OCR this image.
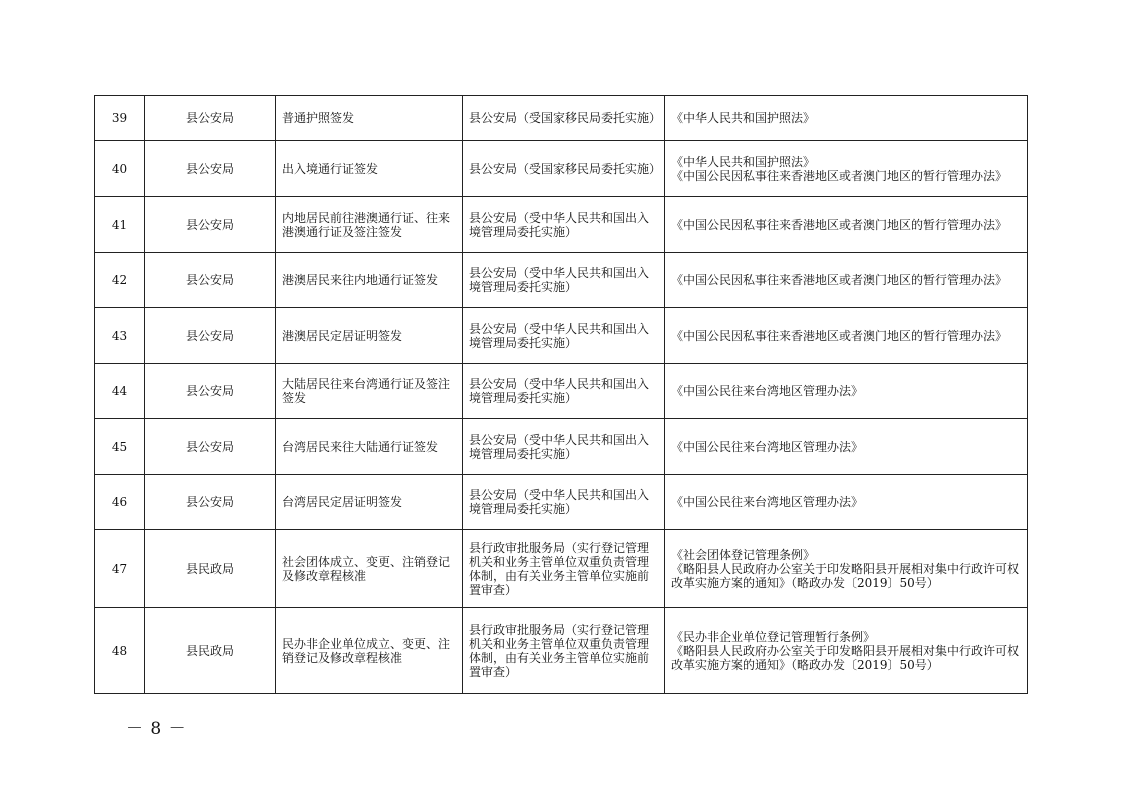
39	县公安局	普通护照签发	县公安局（受国家移民局委托实施）	《中华人民共和国护照法》

40	县公安局	出入境通行证签发	县公安局（受国家移民局委托实施）	《中华人民共和国护照法》
《中国公民因私事往来香港地区或者澳门地区的暂行管理办法》

41	县公安局	内地居民前往港澳通行证、往来港澳通行证及签注签发	县公安局（受中华人民共和国出入境管理局委托实施）	《中国公民因私事往来香港地区或者澳门地区的暂行管理办法》

42	县公安局	港澳居民来往内地通行证签发	县公安局（受中华人民共和国出入境管理局委托实施）	《中国公民因私事往来香港地区或者澳门地区的暂行管理办法》

43	县公安局	港澳居民定居证明签发	县公安局（受中华人民共和国出入境管理局委托实施）	《中国公民因私事往来香港地区或者澳门地区的暂行管理办法》

44	县公安局	大陆居民往来台湾通行证及签注签发	县公安局（受中华人民共和国出入境管理局委托实施）	《中国公民往来台湾地区管理办法》

45	县公安局	台湾居民来往大陆通行证签发	县公安局（受中华人民共和国出入境管理局委托实施）	《中国公民往来台湾地区管理办法》

46	县公安局	台湾居民定居证明签发	县公安局（受中华人民共和国出入境管理局委托实施）	《中国公民往来台湾地区管理办法》

47	县民政局	社会团体成立、变更、注销登记及修改章程核准	县行政审批服务局（实行登记管理机关和业务主管单位双重负责管理体制，由有关业务主管单位实施前置审查）	《社会团体登记管理条例》
《略阳县人民政府办公室关于印发略阳县开展相对集中行政许可权改革实施方案的通知》（略政办发〔2019〕50号）

48	县民政局	民办非企业单位成立、变更、注销登记及修改章程核准	县行政审批服务局（实行登记管理机关和业务主管单位双重负责管理体制，由有关业务主管单位实施前置审查）	《民办非企业单位登记管理暂行条例》
《略阳县人民政府办公室关于印发略阳县开展相对集中行政许可权改革实施方案的通知》（略政办发〔2019〕50号）
－ 8 －
